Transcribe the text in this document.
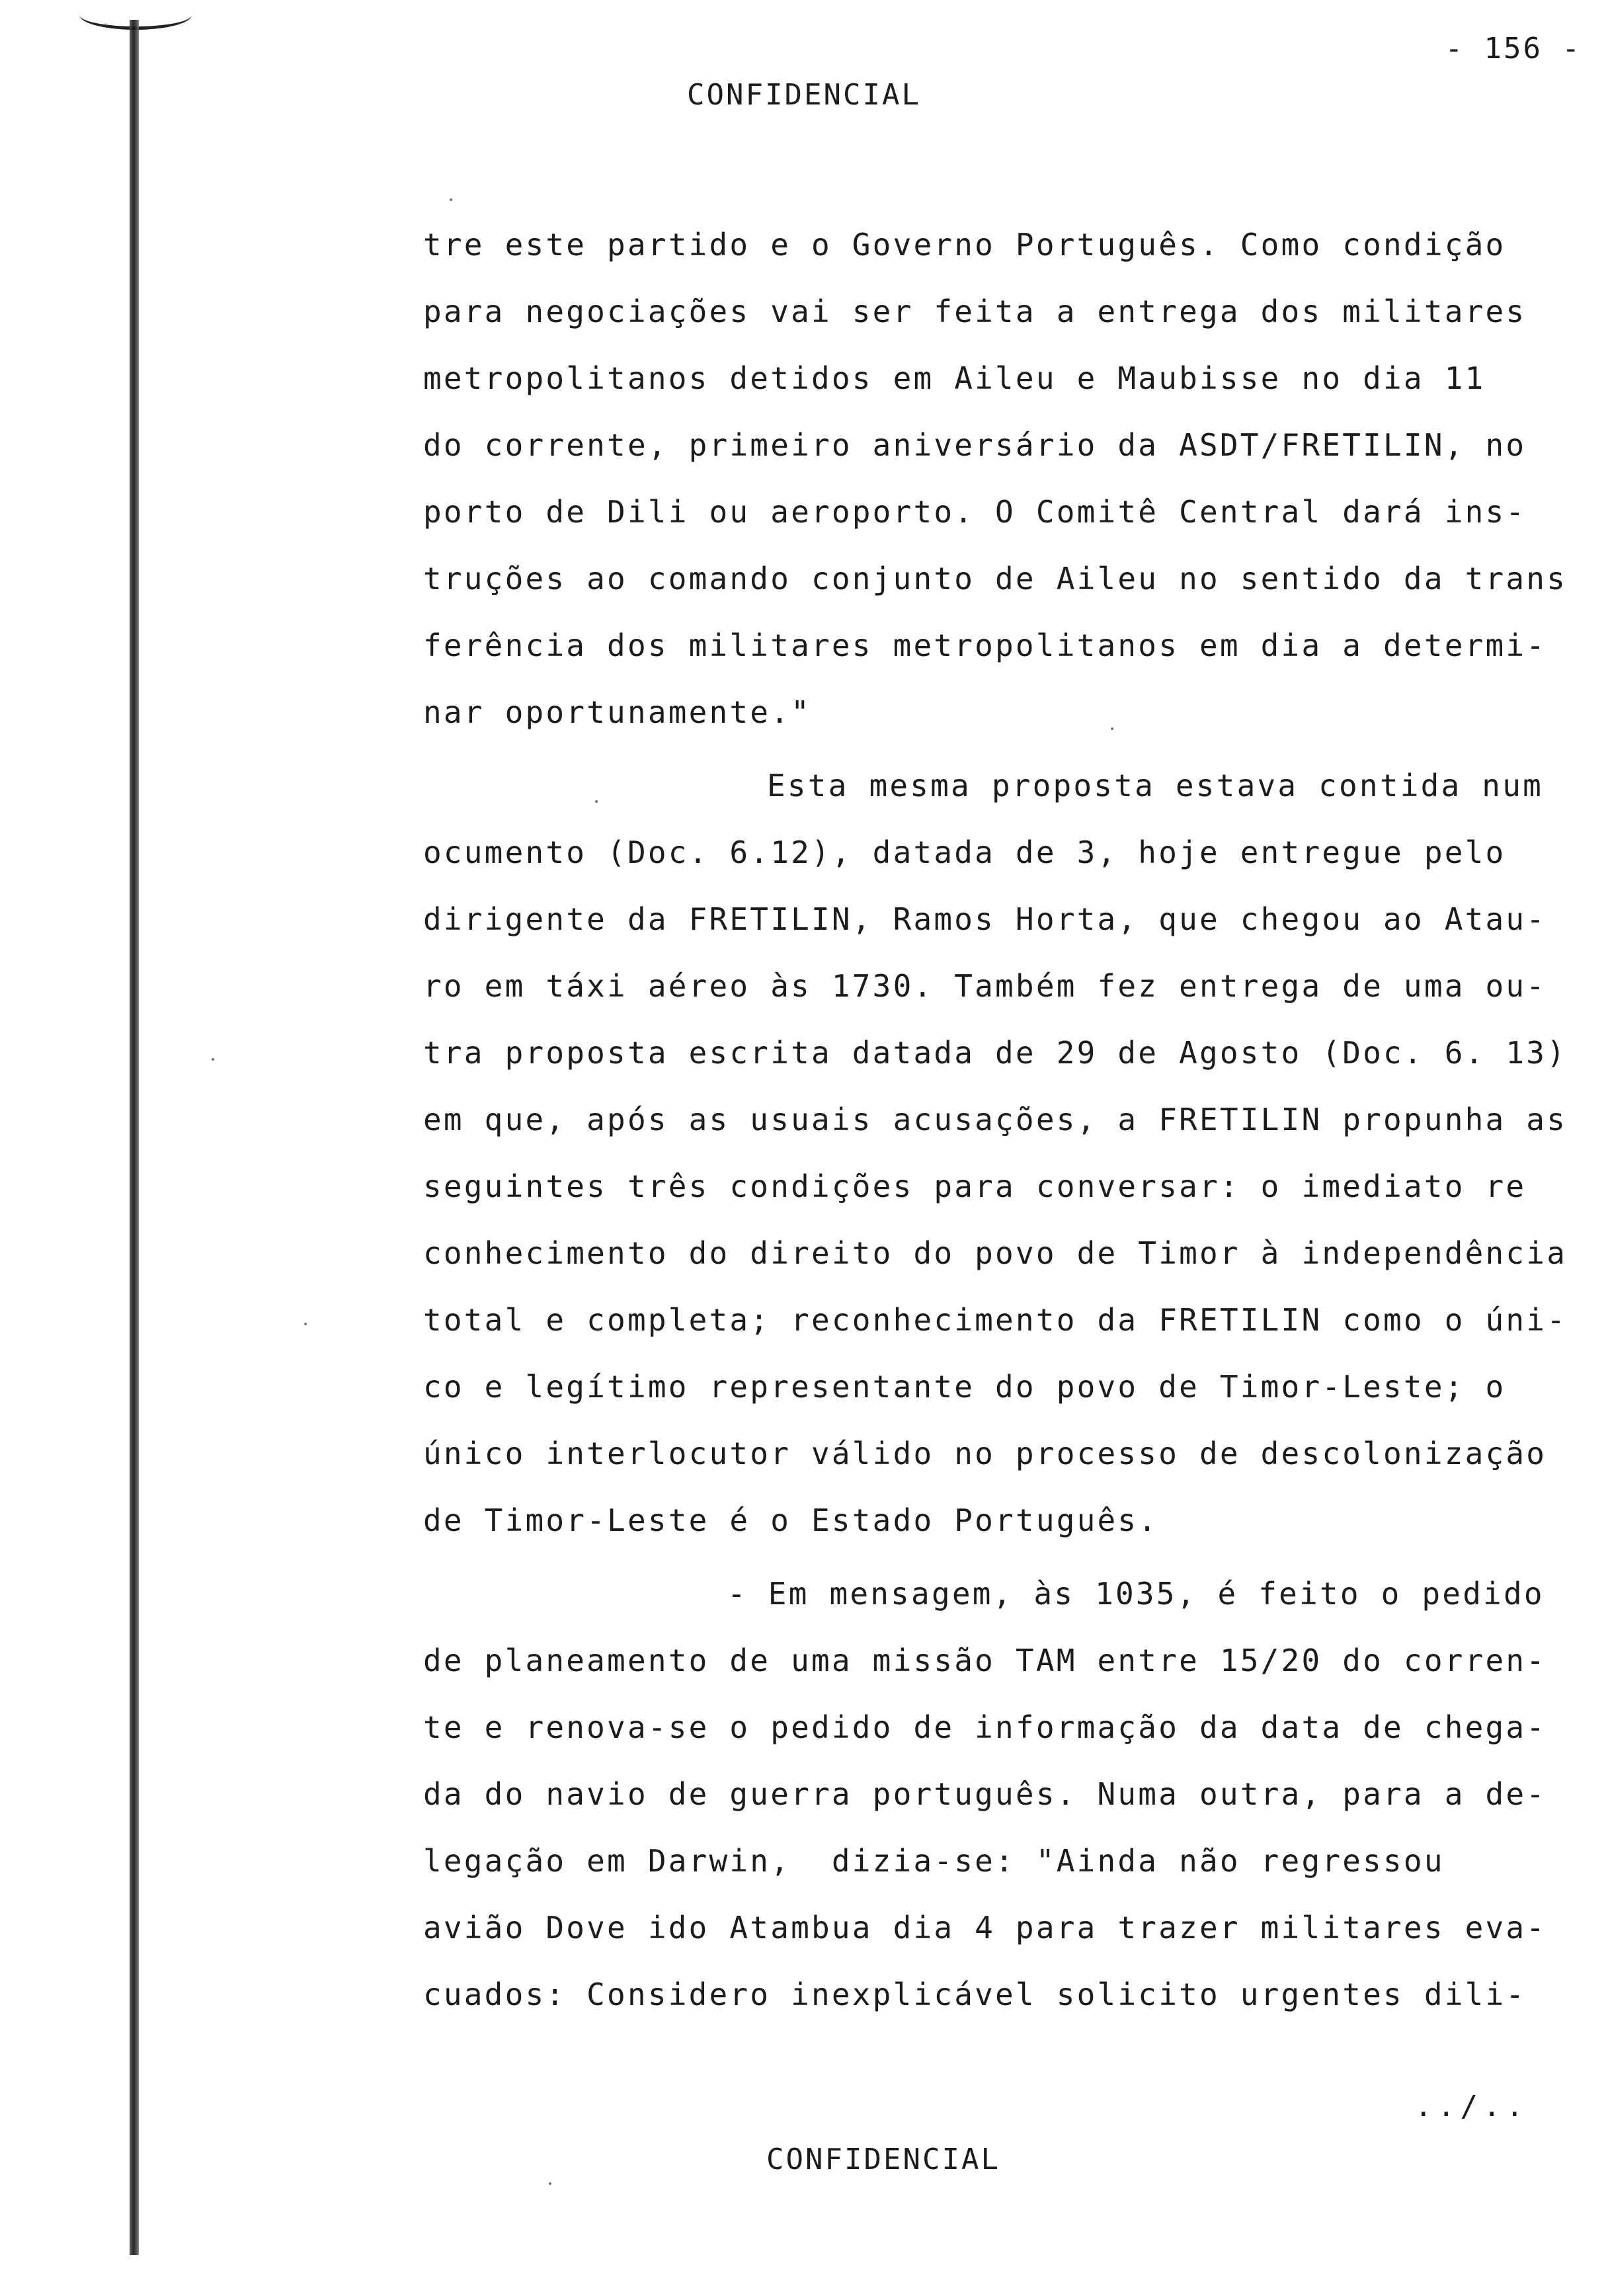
- 156 -
CONFIDENCIAL
tre este partido e o Governo Português. Como condição
para negociações vai ser feita a entrega dos militares
metropolitanos detidos em Aileu e Maubisse no dia 11
do corrente, primeiro aniversário da ASDT/FRETILIN, no
porto de Dili ou aeroporto. O Comitê Central dará ins-
truções ao comando conjunto de Aileu no sentido da trans
ferência dos militares metropolitanos em dia a determi-
nar oportunamente."
Esta mesma proposta estava contida num
ocumento (Doc. 6.12), datada de 3, hoje entregue pelo
dirigente da FRETILIN, Ramos Horta, que chegou ao Atau-
ro em táxi aéreo às 1730. Também fez entrega de uma ou-
tra proposta escrita datada de 29 de Agosto (Doc. 6. 13)
em que, após as usuais acusações, a FRETILIN propunha as
seguintes três condições para conversar: o imediato re
conhecimento do direito do povo de Timor à independência
total e completa; reconhecimento da FRETILIN como o úni-
co e legítimo representante do povo de Timor-Leste; o
único interlocutor válido no processo de descolonização
de Timor-Leste é o Estado Português.
- Em mensagem, às 1035, é feito o pedido
de planeamento de uma missão TAM entre 15/20 do corren-
te e renova-se o pedido de informação da data de chega-
da do navio de guerra português. Numa outra, para a de-
legação em Darwin,  dizia-se: "Ainda não regressou
avião Dove ido Atambua dia 4 para trazer militares eva-
cuados: Considero inexplicável solicito urgentes dili-
../..
CONFIDENCIAL
